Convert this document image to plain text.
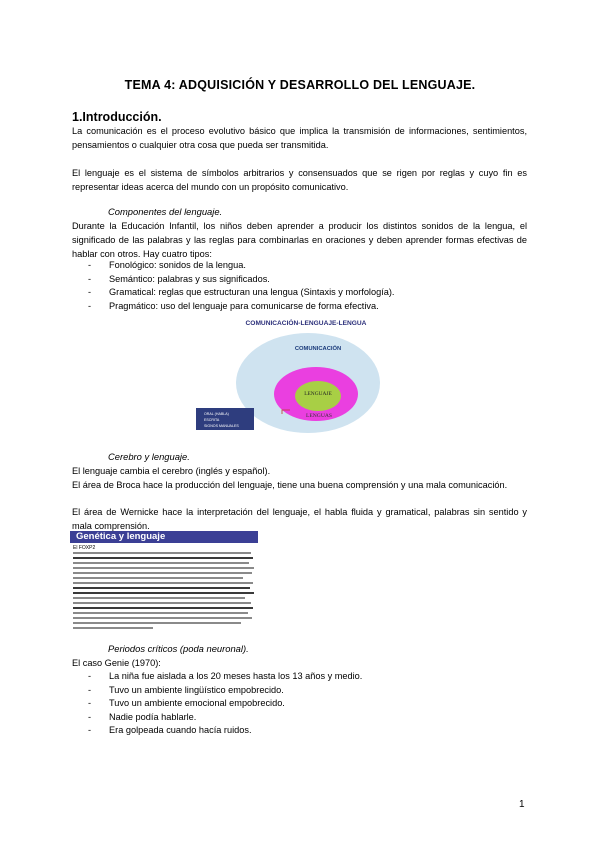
TEMA 4: ADQUISICIÓN Y DESARROLLO DEL LENGUAJE.
1.Introducción.
La comunicación es el proceso evolutivo básico que implica la transmisión de informaciones, sentimientos, pensamientos o cualquier otra cosa que pueda ser transmitida.
El lenguaje es el sistema de símbolos arbitrarios y consensuados que se rigen por reglas y cuyo fin es representar ideas acerca del mundo con un propósito comunicativo.
Componentes del lenguaje.
Durante la Educación Infantil, los niños deben aprender a producir los distintos sonidos de la lengua, el significado de las palabras y las reglas para combinarlas en oraciones y deben aprender formas efectivas de hablar con otros. Hay cuatro tipos:
- Fonológico: sonidos de la lengua.
- Semántico: palabras y sus significados.
- Gramatical: reglas que estructuran una lengua (Sintaxis y morfología).
- Pragmático: uso del lenguaje para comunicarse de forma efectiva.
COMUNICACIÓN-LENGUAJE-LENGUA
COMUNICACIÓN
LENGUAJE
LENGUAS
ORAL (HABLA)
ESCRITA
SIGNOS MANUALES
Cerebro y lenguaje.
El lenguaje cambia el cerebro (inglés y español).
El área de Broca hace la producción del lenguaje, tiene una buena comprensión y una mala comunicación.
El área de Wernicke hace la interpretación del lenguaje, el habla fluida y gramatical, palabras sin sentido y mala comprensión.
Genética y lenguaje
El FOXP2
Periodos críticos (poda neuronal).
El caso Genie (1970):
- La niña fue aislada a los 20 meses hasta los 13 años y medio.
- Tuvo un ambiente lingüístico empobrecido.
- Tuvo un ambiente emocional empobrecido.
- Nadie podía hablarle.
- Era golpeada cuando hacía ruidos.
1
